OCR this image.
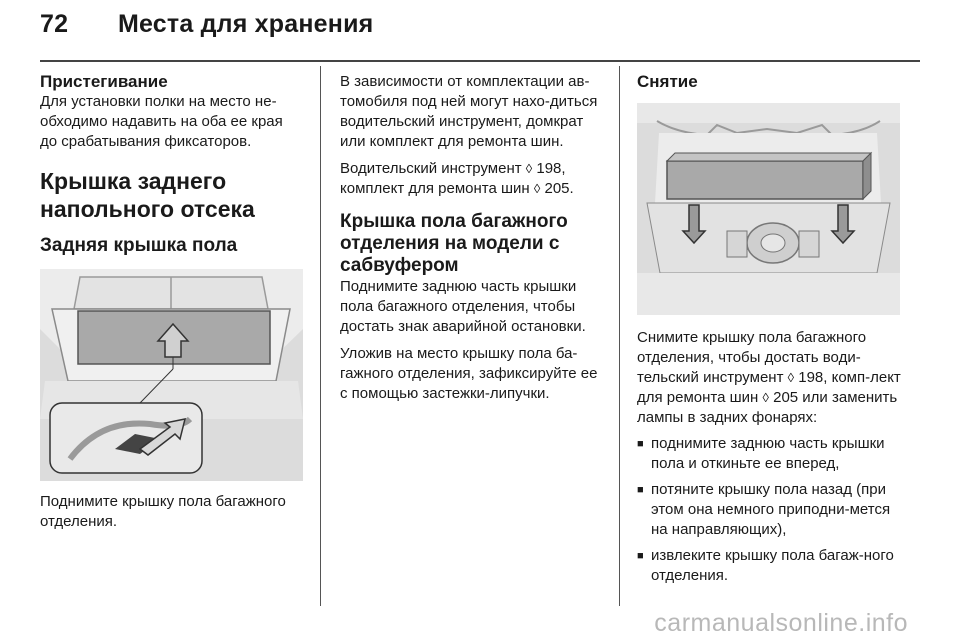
72 Места для хранения
Пристегивание

Для установки полки на место не-обходимо надавить на оба ее края до срабатывания фиксаторов.

Крышка заднего напольного отсека
Задняя крышка пола

Поднимите крышку пола багажного отделения.

В зависимости от комплектации ав-томобиля под ней могут нахо-диться водительский инструмент, домкрат или комплект для ремонта шин.

Водительский инструмент ◊ 198, комплект для ремонта шин ◊ 205.

Крышка пола багажного отделения на модели с сабвуфером

Поднимите заднюю часть крышки пола багажного отделения, чтобы достать знак аварийной остановки.

Уложив на место крышку пола ба-гажного отделения, зафиксируйте ее с помощью застежки-липучки.

Снятие

Снимите крышку пола багажного отделения, чтобы достать води-тельский инструмент ◊ 198, комп-лект для ремонта шин ◊ 205 или заменить лампы в задних фонарях:

■ поднимите заднюю часть крышки пола и откиньте ее вперед,
■ потяните крышку пола назад (при этом она немного приподни-мется на направляющих),
■ извлеките крышку пола багаж-ного отделения.
carmanualsonline.info
